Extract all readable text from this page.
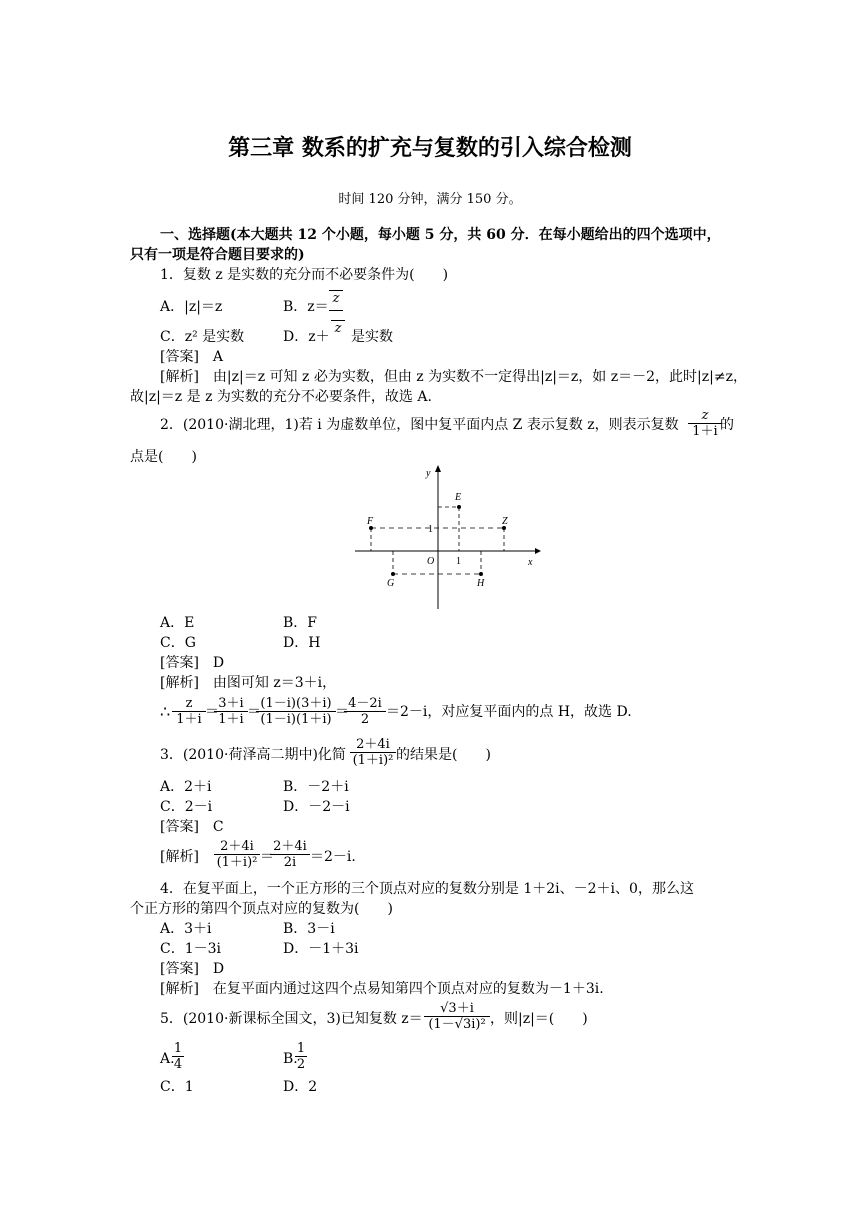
第三章 数系的扩充与复数的引入综合检测
时间 120 分钟，满分 150 分。
一、选择题(本大题共 12 个小题，每小题 5 分，共 60 分．在每小题给出的四个选项中，
只有一项是符合题目要求的)
1．复数 z 是实数的充分而不必要条件为(　　)
A．|z|＝z	B．z＝
z
C．z² 是实数	D．z＋
z
是实数
[答案]　A
[解析]　由|z|＝z 可知 z 必为实数，但由 z 为实数不一定得出|z|＝z，如 z＝－2，此时|z|≠z，
故|z|＝z 是 z 为实数的充分不必要条件，故选 A.
2．(2010·湖北理，1)若 i 为虚数单位，图中复平面内点 Z 表示复数 z，则表示复数 $\frac{z}{1+i}$
的
点是(　　)
y
x
O 1
1
E
F	Z
G	H
A．E	B．F
C．G	D．H
[答案]　D
[解析]　由图可知 z＝3＋i，
∴ $\frac{z}{1+i}$ ＝
$\frac{3+i}{1+i}$ ＝
$\frac{(1-i)(3+i)}{(1-i)(1+i)}$ ＝
$\frac{4-2i}{2} =2-i$，对应复平面内的点 H，故选 D.
3．(2010·荷泽高二期中)化简 $\frac{2+4i}{\text{(1＋i)²}}$ 的结果是(　　)
A．2＋i	B．－2＋i
C．2－i	D．－2－i
[答案]　C
[解析] $\frac{2+4i}{\text{(1＋i)²}}$ ＝
$\frac{2+4i}{2i} =2-i$.
4．在复平面上，一个正方形的三个顶点对应的复数分别是 1＋2i、－2＋i、0，那么这
个正方形的第四个顶点对应的复数为(　　)
A．3＋i	B．3－i
C．1－3i	D．－1＋3i
[答案]　D
[解析]　在复平面内通过这四个点易知第四个顶点对应的复数为－1＋3i.
5．(2010·新课标全国文，3)已知复数 $z= \frac{√3+i}{\text{(1－√3i)²}}$ ，则|z|＝(　　)
A.
$\frac{1}{4}$	B.
$\frac{1}{2}$
C．1	D．2
